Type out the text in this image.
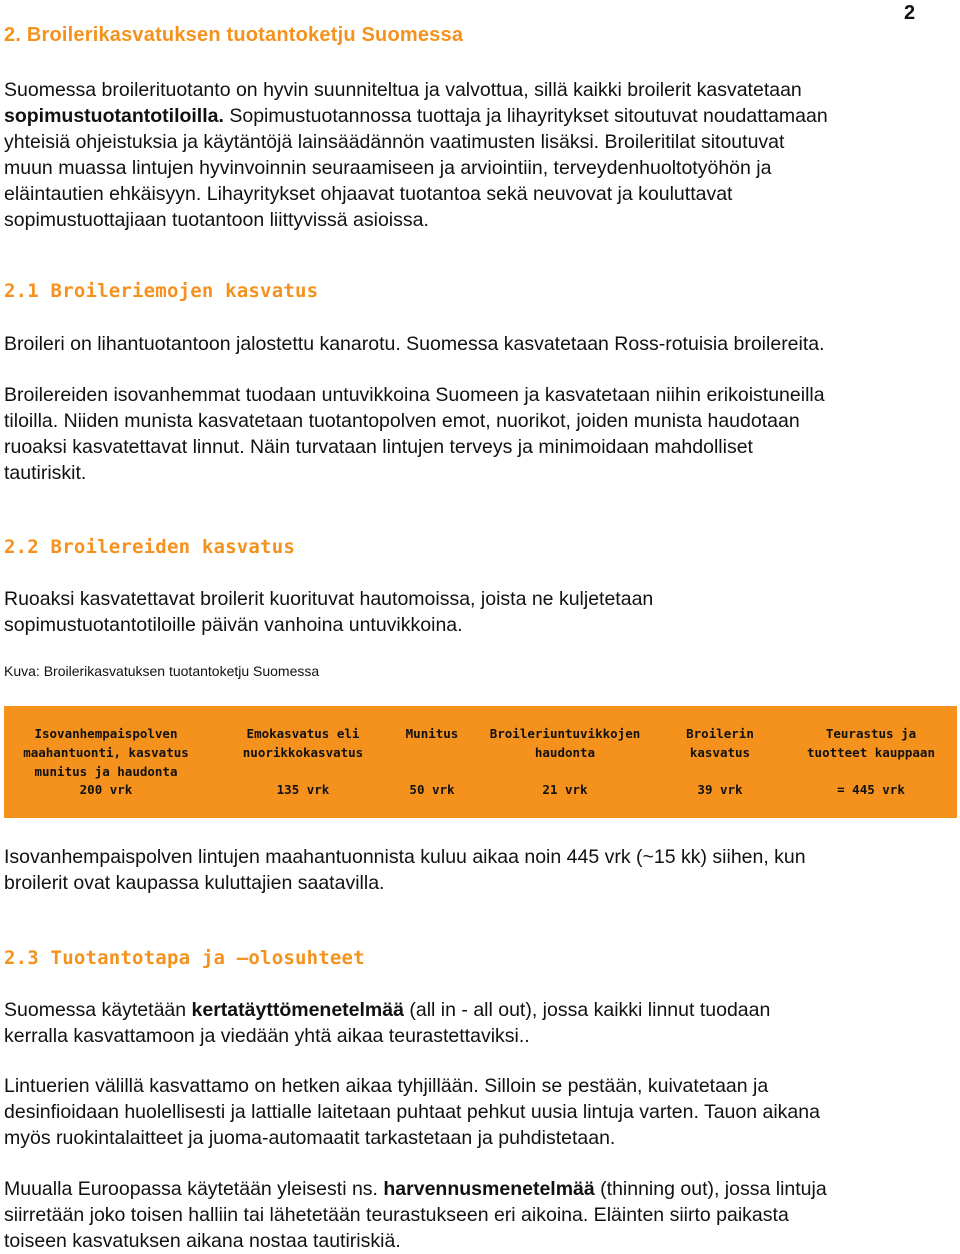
2
2. Broilerikasvatuksen tuotantoketju Suomessa

Suomessa broilerituotanto on hyvin suunniteltua ja valvottua, sillä kaikki broilerit kasvatetaan
sopimustuotantotiloilla. Sopimustuotannossa tuottaja ja lihayritykset sitoutuvat noudattamaan
yhteisiä ohjeistuksia ja käytäntöjä lainsäädännön vaatimusten lisäksi. Broileritilat sitoutuvat
muun muassa lintujen hyvinvoinnin seuraamiseen ja arviointiin, terveydenhuoltotyöhön ja
eläintautien ehkäisyyn. Lihayritykset ohjaavat tuotantoa sekä neuvovat ja kouluttavat
sopimustuottajiaan tuotantoon liittyvissä asioissa.

2.1 Broileriemojen kasvatus

Broileri on lihantuotantoon jalostettu kanarotu. Suomessa kasvatetaan Ross-rotuisia broilereita.

Broilereiden isovanhemmat tuodaan untuvikkoina Suomeen ja kasvatetaan niihin erikoistuneilla
tiloilla. Niiden munista kasvatetaan tuotantopolven emot, nuorikot, joiden munista haudotaan
ruoaksi kasvatettavat linnut. Näin turvataan lintujen terveys ja minimoidaan mahdolliset
tautiriskit.

2.2 Broilereiden kasvatus

Ruoaksi kasvatettavat broilerit kuorituvat hautomoissa, joista ne kuljetetaan
sopimustuotantotiloille päivän vanhoina untuvikkoina.

Kuva: Broilerikasvatuksen tuotantoketju Suomessa

Isovanhempaispolven
maahantuonti, kasvatus
munitus ja haudonta
200 vrk
Emokasvatus eli
nuorikkokasvatus
135 vrk
Munitus
50 vrk
Broileriuntuvikkojen
haudonta
21 vrk
Broilerin
kasvatus
39 vrk
Teurastus ja
tuotteet kauppaan
= 445 vrk

Isovanhempaispolven lintujen maahantuonnista kuluu aikaa noin 445 vrk (~15 kk) siihen, kun
broilerit ovat kaupassa kuluttajien saatavilla.

2.3 Tuotantotapa ja –olosuhteet

Suomessa käytetään kertatäyttömenetelmää (all in - all out), jossa kaikki linnut tuodaan
kerralla kasvattamoon ja viedään yhtä aikaa teurastettaviksi..

Lintuerien välillä kasvattamo on hetken aikaa tyhjillään. Silloin se pestään, kuivatetaan ja
desinfioidaan huolellisesti ja lattialle laitetaan puhtaat pehkut uusia lintuja varten. Tauon aikana
myös ruokintalaitteet ja juoma-automaatit tarkastetaan ja puhdistetaan.

Muualla Euroopassa käytetään yleisesti ns. harvennusmenetelmää (thinning out), jossa lintuja
siirretään joko toisen halliin tai lähetetään teurastukseen eri aikoina. Eläinten siirto paikasta
toiseen kasvatuksen aikana nostaa tautiriskiä.
